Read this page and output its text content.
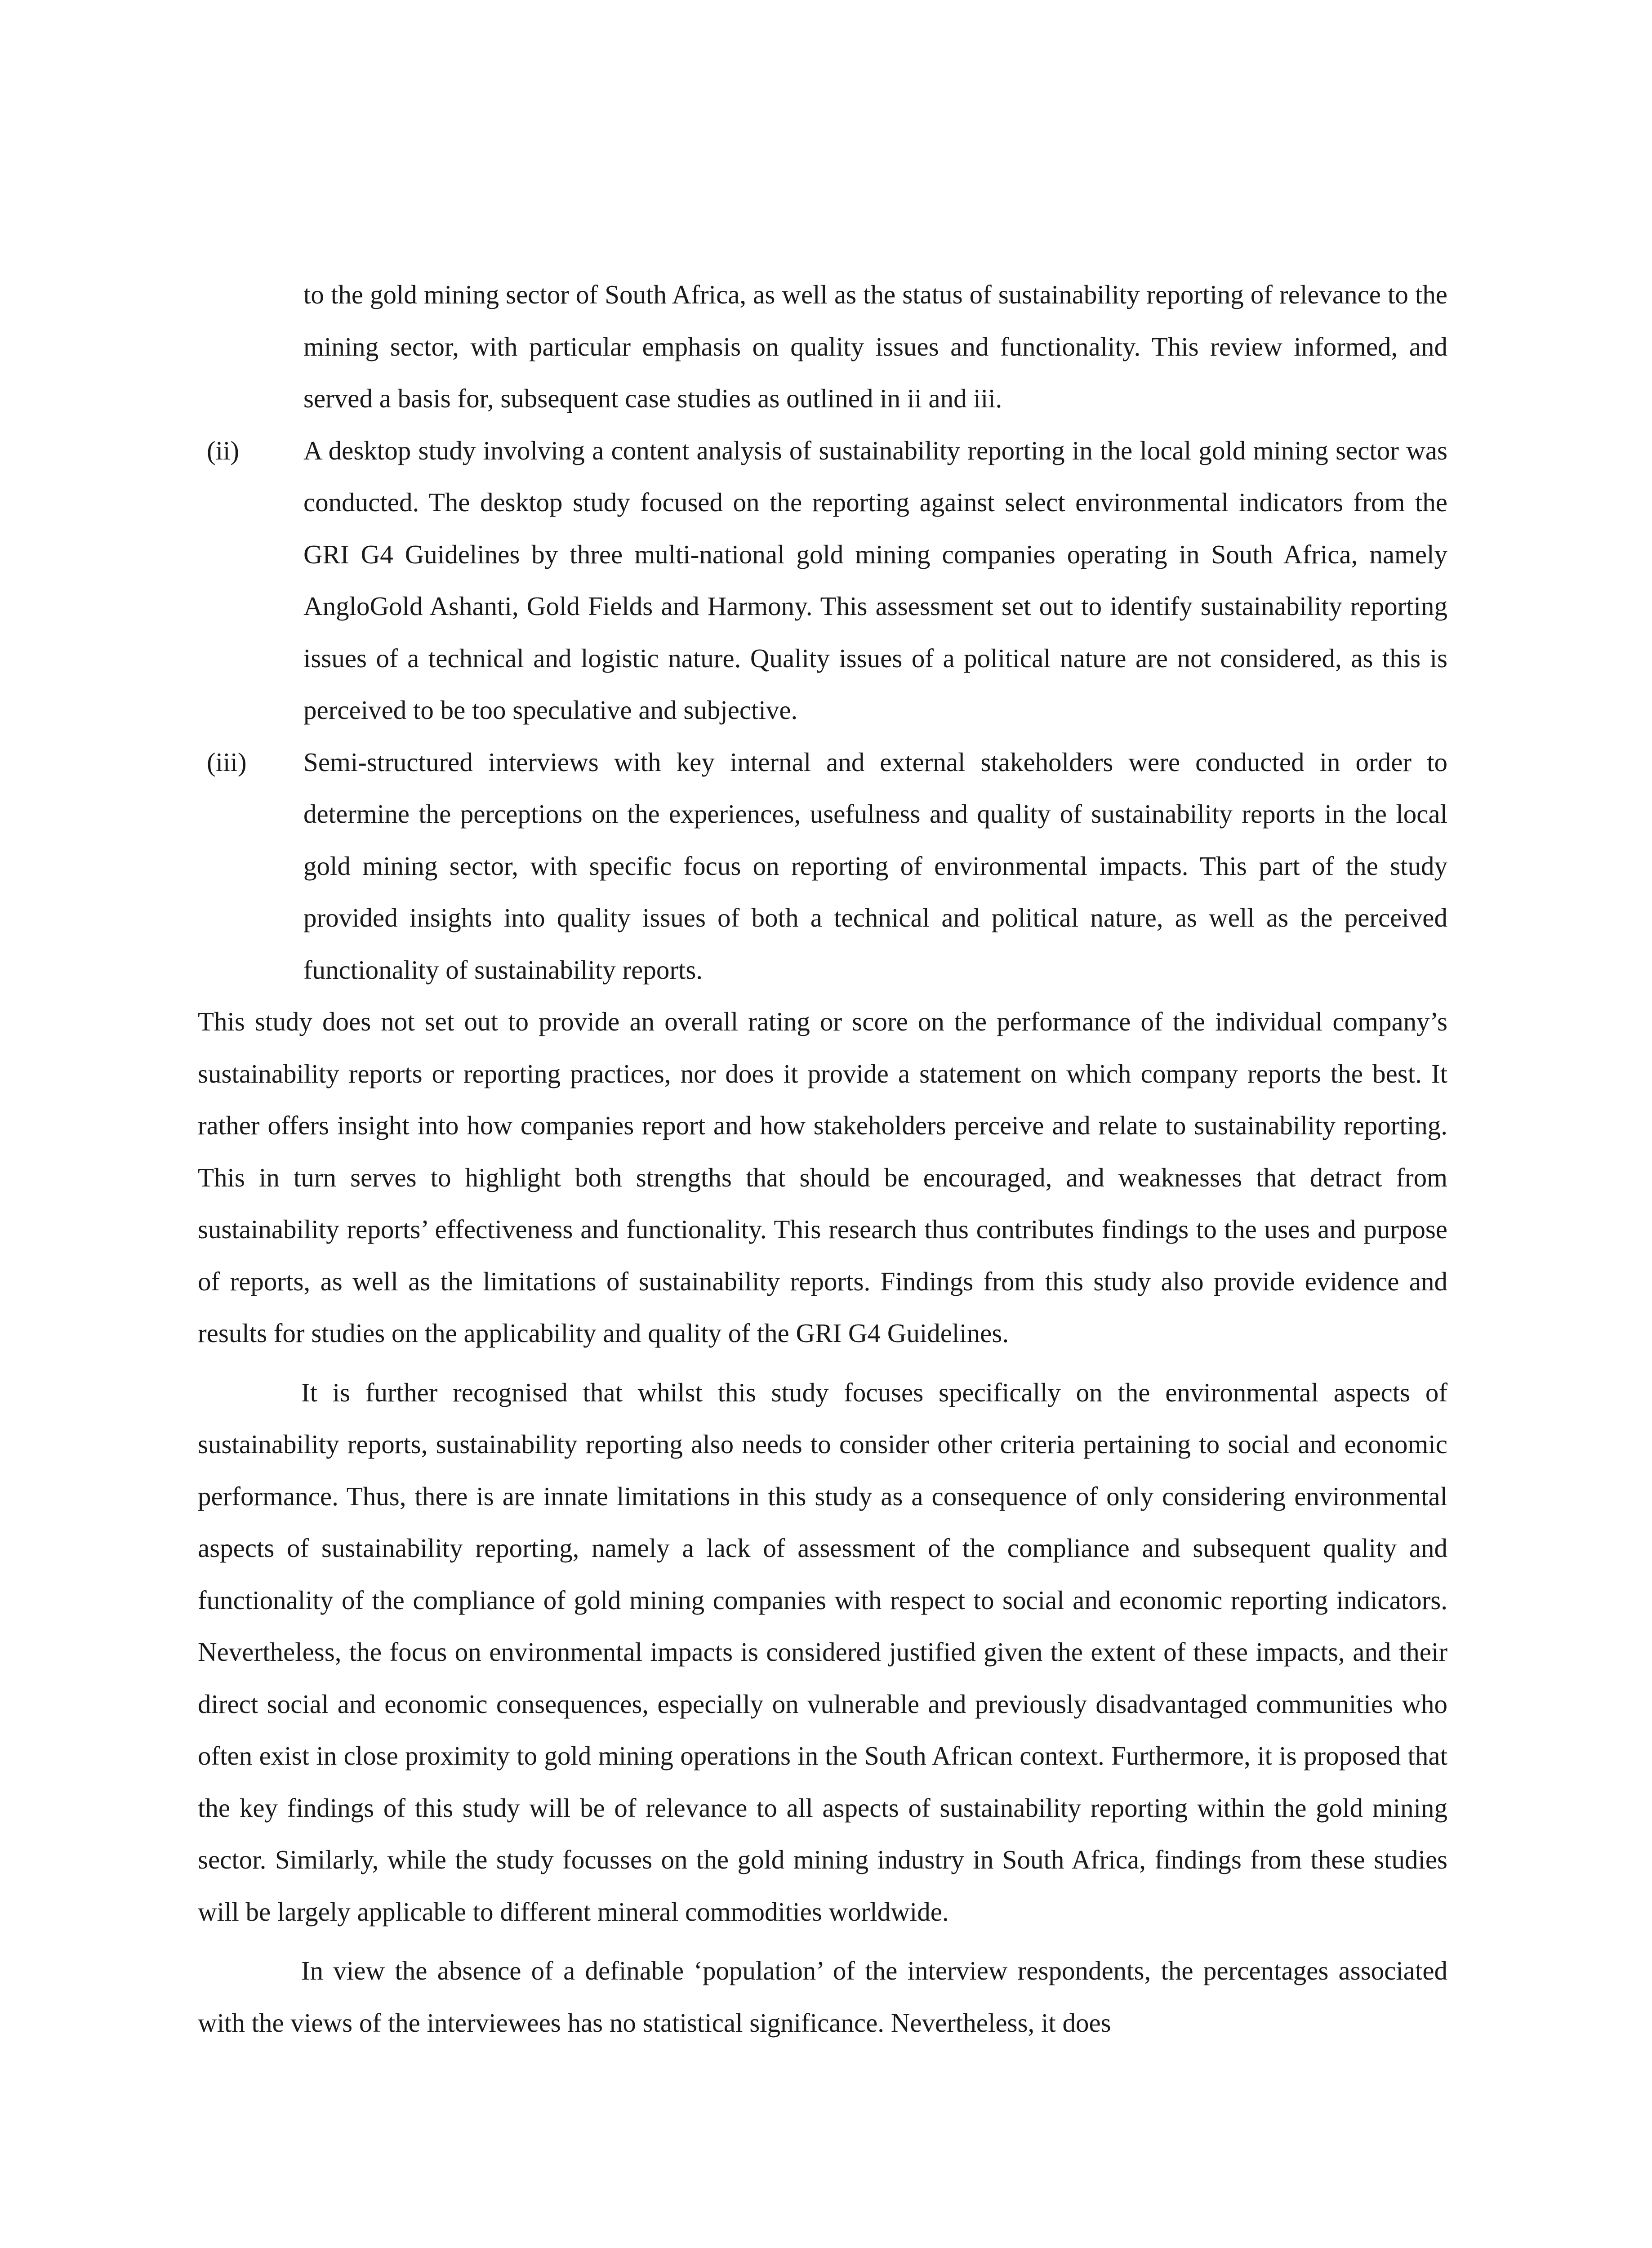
to the gold mining sector of South Africa, as well as the status of sustainability reporting of relevance to the mining sector, with particular emphasis on quality issues and functionality. This review informed, and served a basis for, subsequent case studies as outlined in ii and iii.

(ii) A desktop study involving a content analysis of sustainability reporting in the local gold mining sector was conducted. The desktop study focused on the reporting against select environmental indicators from the GRI G4 Guidelines by three multi-national gold mining companies operating in South Africa, namely AngloGold Ashanti, Gold Fields and Harmony. This assessment set out to identify sustainability reporting issues of a technical and logistic nature. Quality issues of a political nature are not considered, as this is perceived to be too speculative and subjective.

(iii) Semi-structured interviews with key internal and external stakeholders were conducted in order to determine the perceptions on the experiences, usefulness and quality of sustainability reports in the local gold mining sector, with specific focus on reporting of environmental impacts. This part of the study provided insights into quality issues of both a technical and political nature, as well as the perceived functionality of sustainability reports.

This study does not set out to provide an overall rating or score on the performance of the individual company’s sustainability reports or reporting practices, nor does it provide a statement on which company reports the best. It rather offers insight into how companies report and how stakeholders perceive and relate to sustainability reporting. This in turn serves to highlight both strengths that should be encouraged, and weaknesses that detract from sustainability reports’ effectiveness and functionality. This research thus contributes findings to the uses and purpose of reports, as well as the limitations of sustainability reports. Findings from this study also provide evidence and results for studies on the applicability and quality of the GRI G4 Guidelines.

It is further recognised that whilst this study focuses specifically on the environmental aspects of sustainability reports, sustainability reporting also needs to consider other criteria pertaining to social and economic performance. Thus, there is are innate limitations in this study as a consequence of only considering environmental aspects of sustainability reporting, namely a lack of assessment of the compliance and subsequent quality and functionality of the compliance of gold mining companies with respect to social and economic reporting indicators. Nevertheless, the focus on environmental impacts is considered justified given the extent of these impacts, and their direct social and economic consequences, especially on vulnerable and previously disadvantaged communities who often exist in close proximity to gold mining operations in the South African context. Furthermore, it is proposed that the key findings of this study will be of relevance to all aspects of sustainability reporting within the gold mining sector. Similarly, while the study focusses on the gold mining industry in South Africa, findings from these studies will be largely applicable to different mineral commodities worldwide.

In view the absence of a definable ‘population’ of the interview respondents, the percentages associated with the views of the interviewees has no statistical significance. Nevertheless, it does
